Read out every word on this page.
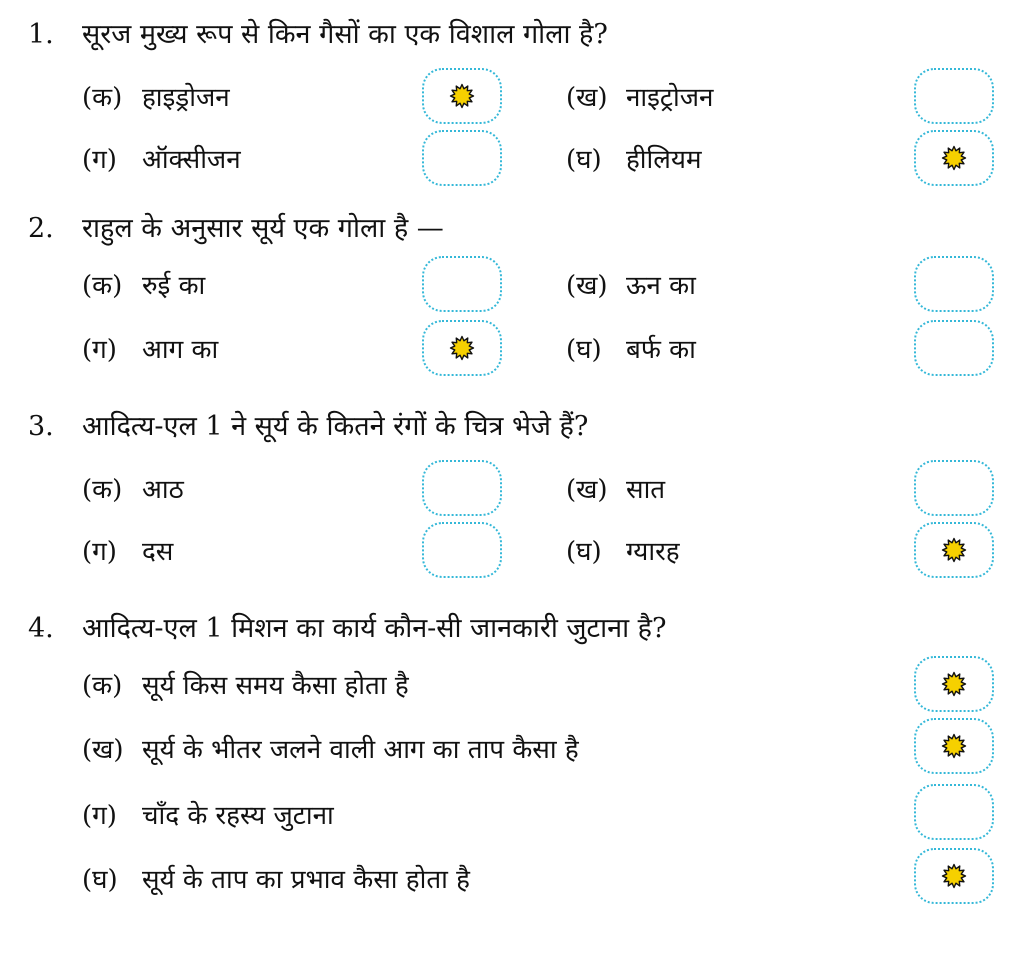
1. सूरज मुख्य रूप से किन गैसों का एक विशाल गोला है?
(क) हाइड्रोजन	(ख) नाइट्रोजन
(ग) ऑक्सीजन	(घ) हीलियम
2. राहुल के अनुसार सूर्य एक गोला है —
(क) रुई का	(ख) ऊन का
(ग) आग का	(घ) बर्फ का
3. आदित्य-एल 1 ने सूर्य के कितने रंगों के चित्र भेजे हैं?
(क) आठ	(ख) सात
(ग) दस	(घ) ग्यारह
4. आदित्य-एल 1 मिशन का कार्य कौन-सी जानकारी जुटाना है?
(क) सूर्य किस समय कैसा होता है
(ख) सूर्य के भीतर जलने वाली आग का ताप कैसा है
(ग) चाँद के रहस्य जुटाना
(घ) सूर्य के ताप का प्रभाव कैसा होता है
